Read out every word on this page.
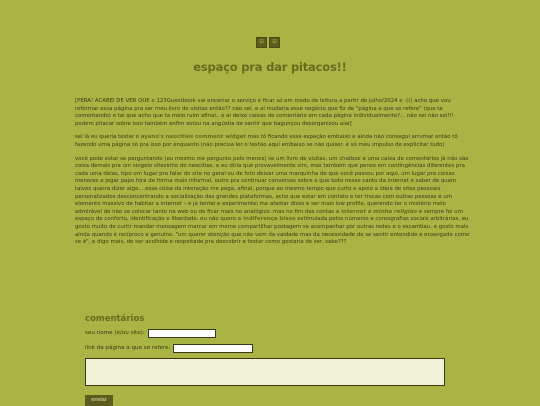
⊡	⊡
espaço pra dar pitacos!!

[PERA! ACABEI DE VER QUE o 123Guestbook vai encerrar o serviço e ficar só em modo de leitura a partir de julho/2024 e :((( acho que vou reformar essa página pra ser meu livro de visitas então?? não sei. e ai mudaria esse negócio que fiz de "página a que se refere" (que ta comentando) e tal que acho que ta meio ruim afinal.. e ai deixo caixas de comentário em cada página individualmente?... não sei não sei!!! podem pitacar sobre isso também enfim estou na angústia de sentir que bagunçou desorganizou aiai]

sei lá eu queria testar o ayano's neocities comment widget mas tô ficando esse espação embaixo e ainda não consegui arrumar então tô fazendo uma página só pra isso por enquanto (não precisa ler o textão aqui embaixo se não quiser. é só meu impulso de explicitar tudo)

você pode estar se perguntando (eu mesmo me pergunto pelo menos) se um livro de visitas, um chatbox e uma caixa de comentários já não são coisa demais pra um singelo sitezinho do neocities. e eu diria que provavelmente sim, mas também que penso em contingências diferentes pra cada uma delas, tipo um lugar pra falar do site no geral ou de foto deixar uma marquinha de que você passou por aqui, um lugar pra coisas menores e jogar papo fora de forma mais informal, outro pra continuar conversas sobre o que boto nesse canto da internet e saber de quem talvez queira dizer algo... essa coisa da interação me pega, afinal, porque ao mesmo tempo que curto e apoio a ideia de sites pessoais personalizados desconcentrando a socialização das grandes plataformas, acho que estar em contato e ter trocas com outras pessoas é um elemento massivo de habitar a internet – e já tentei e experimentei me afastar disso e ser mais low profile, querendo ter o mistério meio admirável de não se colocar tanto na web ou de ficar mais no analógico. mas no fim das contas a internet é minha religião e sempre foi um espaço de conforto, identificação e liberdade. eu não quero a indiferença blasé estimulada pelos números e coreografias sociais arbitrárias, eu gosto muito de curtir mandar mensagem marcar em meme compartilhar postagem se acompanhar por outras redes e o escambau. e gosto mais ainda quando é recíproco e genuíno. "um querer atenção que não vem da vaidade mas da necessidade de se sentir entendide e enxergade como se é", e digo mais, de ser acolhide e respeitade pra descobrir e testar como gostaria de ser. sabe???

comentários
seu nome (e/ou site):
link da página a que se refere:
enviar
